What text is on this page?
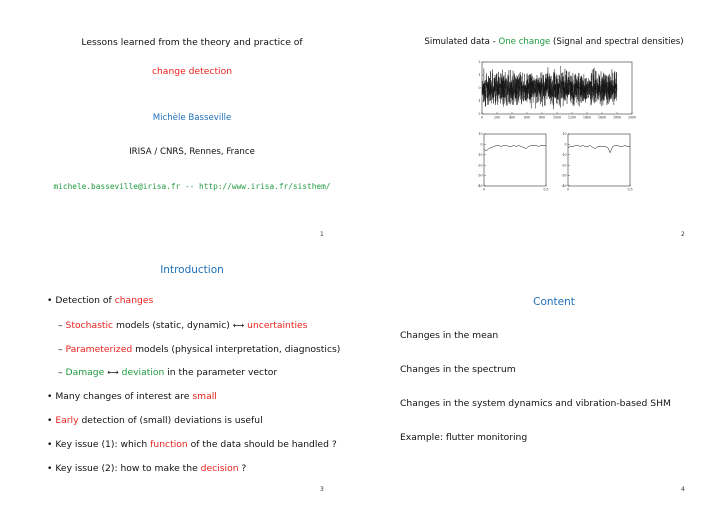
Lessons learned from the theory and practice of
change detection
Michèle Basseville
IRISA / CNRS, Rennes, France
michele.basseville@irisa.fr -- http://www.irisa.fr/sisthem/
1
Simulated data - One change (Signal and spectral densities)
2
1
0
-1
-2
0	200	400	600	800 1000 1200 1400 1600 1800 2000
10
0
-10
-20
-30
-40
0	0.5
10
0
-10
-20
-30
-40
0	0.5
2
Introduction
• Detection of changes
– Stochastic models (static, dynamic) ⟷ uncertainties
– Parameterized models (physical interpretation, diagnostics)
– Damage ⟷ deviation in the parameter vector
• Many changes of interest are small
• Early detection of (small) deviations is useful
• Key issue (1): which function of the data should be handled ?
• Key issue (2): how to make the decision ?
3
Content
Changes in the mean
Changes in the spectrum
Changes in the system dynamics and vibration-based SHM
Example: flutter monitoring
4
